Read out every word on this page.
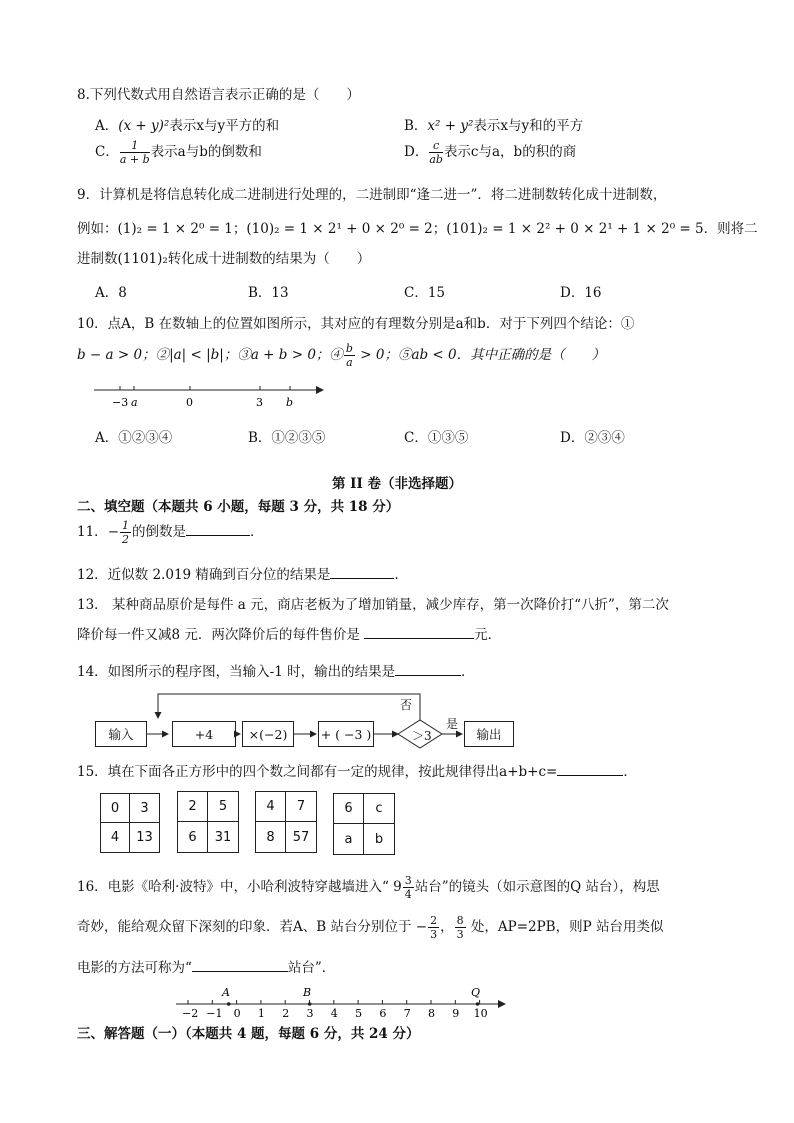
8.下列代数式用自然语言表示正确的是（　　）
A．(x + y)²表示x与y平方的和	B．x² + y²表示x与y和的平方
C． $\frac{1}{a + b}$ 表示a与b的倒数和	D． $\frac{c}{ab}$ 表示c与a，b的积的商
9．计算机是将信息转化成二进制进行处理的，二进制即“逢二进一”．将二进制数转化成十进制数，
例如：(1)₂ = 1 × 2⁰ = 1；(10)₂ = 1 × 2¹ + 0 × 2⁰ = 2；(101)₂ = 1 × 2² + 0 × 2¹ + 1 × 2⁰ = 5．则将二
进制数(1101)₂转化成十进制数的结果为（　　）
A．8	B．13	C．15	D．16
10．点A，B 在数轴上的位置如图所示，其对应的有理数分别是a和b．对于下列四个结论：①
b − a > 0；②|a| < |b|；③a + b > 0；④ $\frac{b}{a} > 0$；⑤ab < 0．其中正确的是（　　）
−3 a	0	3 b
A．①②③④	B．①②③⑤	C．①③⑤	D．②③④
第 II 卷（非选择题）
二、填空题（本题共 6 小题，每题 3 分，共 18 分）
11．− $\frac{1}{2}$ 的倒数是	．
12．近似数 2.019 精确到百分位的结果是	.
13． 某种商品原价是每件 a 元，商店老板为了增加销量，减少库存，第一次降价打“八折”，第二次
降价每一件又减8 元．两次降价后的每件售价是	元．
14．如图所示的程序图，当输入-1 时，输出的结果是	．
输入	+4	×(−2)	+ ( −3 )	＞3
否
是
输出
15．填在下面各正方形中的四个数之间都有一定的规律，按此规律得出a+b+c=	．
0	3
4	13
2	5
6	31
4	7
8	57
6	c
a	b
16．电影《哈利·波特》中，小哈利波特穿越墙进入“ $9 \frac{3}{4}$ 站台”的镜头（如示意图的Q 站台），构思
奇妙，能给观众留下深刻的印象．若A、B 站台分别位于 − $\frac{2}{3}$ ， $\frac{8}{3}$ 处，AP=2PB，则P 站台用类似
电影的方法可称为“	站台”．
−2 −1 0 1 2 3 4 5 6 7 8 9 10
A	B	Q
三、解答题（一）（本题共 4 题，每题 6 分，共 24 分）
